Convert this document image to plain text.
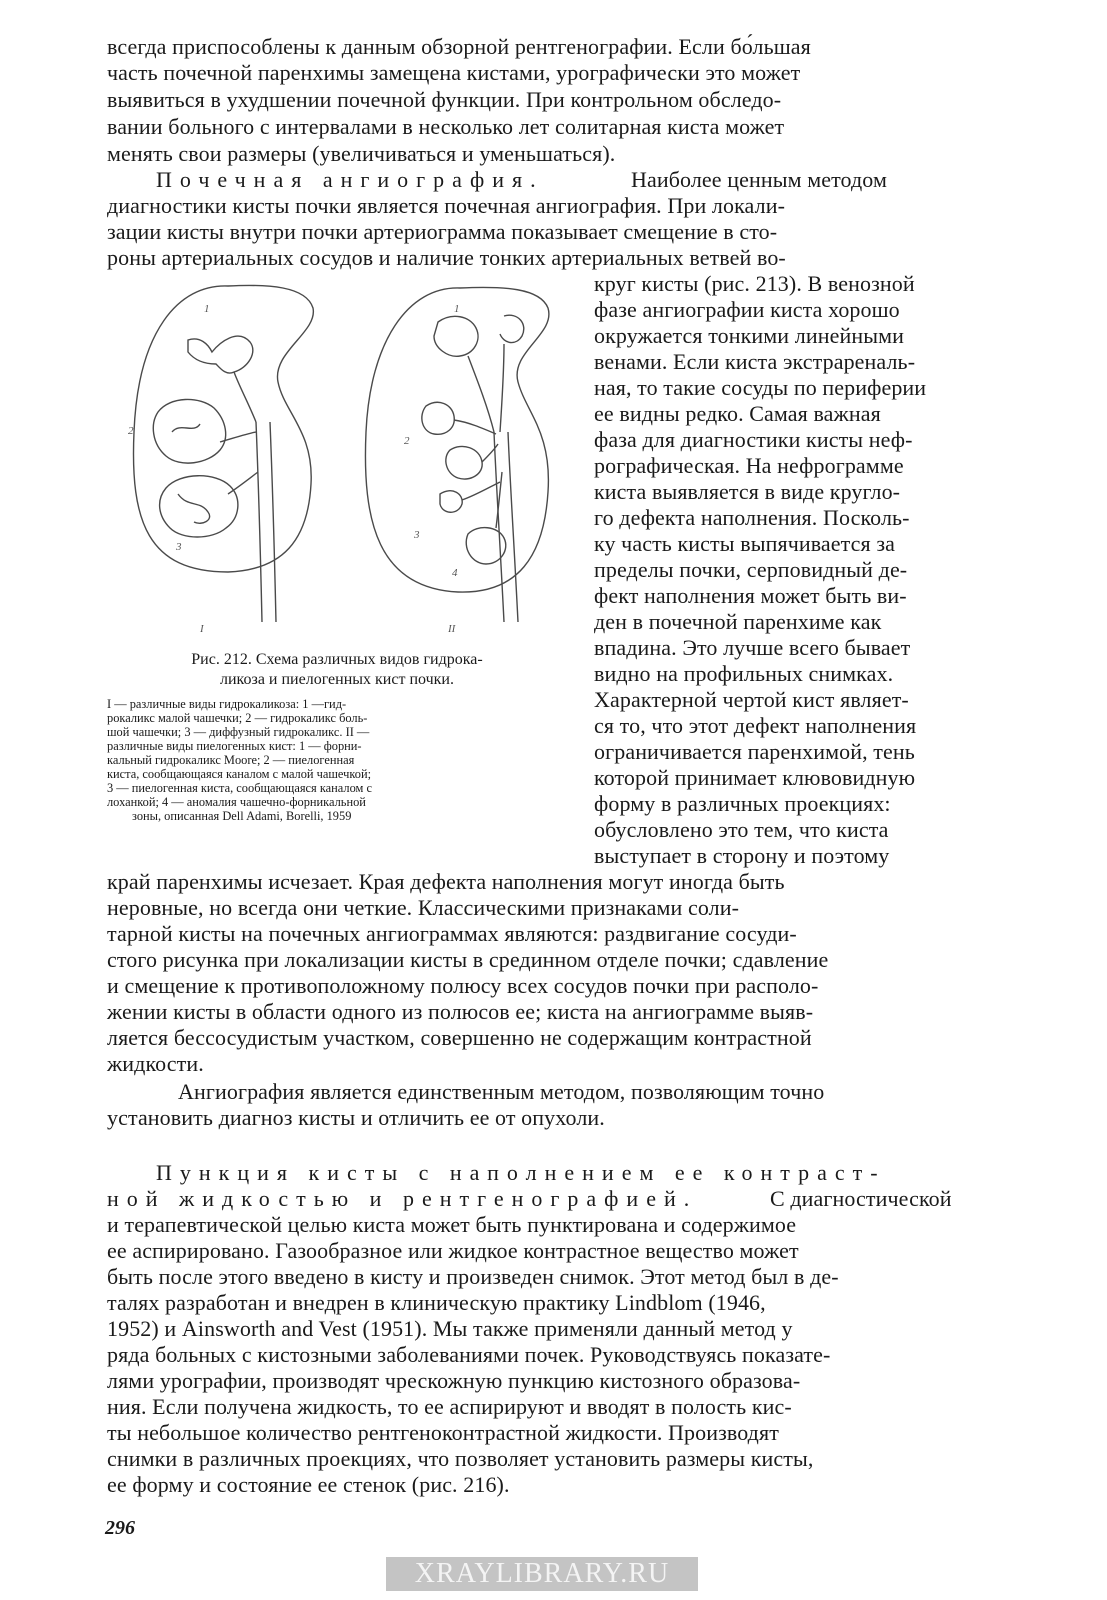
всегда приспособлены к данным обзорной рентгенографии. Если бо́льшая

часть почечной паренхимы замещена кистами, урографически это может

выявиться в ухудшении почечной функции. При контрольном обследо-

вании больного с интервалами в несколько лет солитарная киста может

менять свои размеры (увеличиваться и уменьшаться).

Почечная ангиография.	Наиболее ценным методом

диагностики кисты почки является почечная ангиография. При локали-

зации кисты внутри почки артериограмма показывает смещение в сто-

роны артериальных сосудов и наличие тонких артериальных ветвей во-

круг кисты (рис. 213). В венозной

фазе ангиографии киста хорошо

окружается тонкими линейными

венами. Если киста экстрареналь-

ная, то такие сосуды по периферии

ее видны редко. Самая важная

фаза для диагностики кисты неф-

рографическая. На нефрограмме

киста выявляется в виде кругло-

го дефекта наполнения. Посколь-

ку часть кисты выпячивается за

пределы почки, серповидный де-

фект наполнения может быть ви-

ден в почечной паренхиме как

впадина. Это лучше всего бывает

видно на профильных снимках.

Характерной чертой кист являет-

ся то, что этот дефект наполнения

ограничивается паренхимой, тень

которой принимает клювовидную

форму в различных проекциях:

обусловлено это тем, что киста

выступает в сторону и поэтому

край паренхимы исчезает. Края дефекта наполнения могут иногда быть

неровные, но всегда они четкие. Классическими признаками соли-

тарной кисты на почечных ангиограммах являются: раздвигание сосуди-

стого рисунка при локализации кисты в срединном отделе почки; сдавление

и смещение к противоположному полюсу всех сосудов почки при располо-

жении кисты в области одного из полюсов ее; киста на ангиограмме выяв-

ляется бессосудистым участком, совершенно не содержащим контрастной

жидкости.

Ангиография является единственным методом, позволяющим точно

установить диагноз кисты и отличить ее от опухоли.

Пункция кисты с наполнением ее контраст-

ной жидкостью и рентгенографией.	С диагностической

и терапевтической целью киста может быть пунктирована и содержимое

ее аспирировано. Газообразное или жидкое контрастное вещество может

быть после этого введено в кисту и произведен снимок. Этот метод был в де-

талях разработан и внедрен в клиническую практику Lindblom (1946,

1952) и Ainsworth and Vest (1951). Мы также применяли данный метод у

ряда больных с кистозными заболеваниями почек. Руководствуясь показате-

лями урографии, производят чрескожную пункцию кистозного образова-

ния. Если получена жидкость, то ее аспирируют и вводят в полость кис-

ты небольшое количество рентгеноконтрастной жидкости. Производят

снимки в различных проекциях, что позволяет установить размеры кисты,

ее форму и состояние ее стенок (рис. 216).

1
2
3
1
2
3
4
I	II
Рис. 212. Схема различных видов гидрока-
ликоза и пиелогенных кист почки.

I — различные виды гидрокаликоза: 1 —гид-

рокаликс малой чашечки; 2 — гидрокаликс боль-

шой чашечки; 3 — диффузный гидрокаликс. II —

различные виды пиелогенных кист: 1 — форни-

кальный гидрокаликс Moore; 2 — пиелогенная

киста, сообщающаяся каналом с малой чашечкой;

3 — пиелогенная киста, сообщающаяся каналом с

лоханкой; 4 — аномалия чашечно-форникальной

зоны, описанная Dell Adami, Borelli, 1959

296
XRAYLIBRARY.RU
